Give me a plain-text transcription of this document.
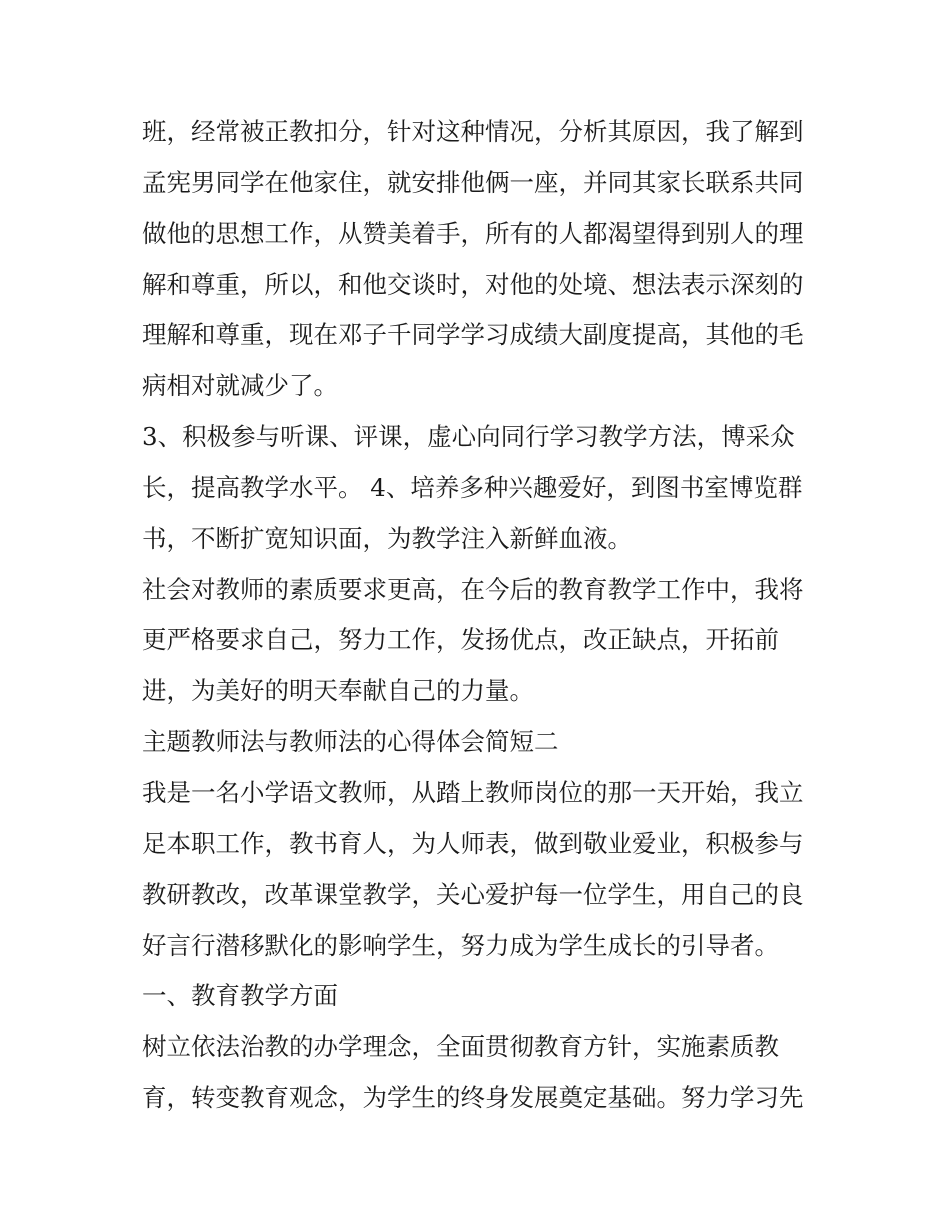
班，经常被正教扣分，针对这种情况，分析其原因，我了解到
孟宪男同学在他家住，就安排他俩一座，并同其家长联系共同
做他的思想工作，从赞美着手，所有的人都渴望得到别人的理
解和尊重，所以，和他交谈时，对他的处境、想法表示深刻的
理解和尊重，现在邓子千同学学习成绩大副度提高，其他的毛
病相对就减少了。
3、积极参与听课、评课，虚心向同行学习教学方法，博采众
长，提高教学水平。 4、培养多种兴趣爱好，到图书室博览群
书，不断扩宽知识面，为教学注入新鲜血液。
社会对教师的素质要求更高，在今后的教育教学工作中，我将
更严格要求自己，努力工作，发扬优点，改正缺点，开拓前
进，为美好的明天奉献自己的力量。
主题教师法与教师法的心得体会简短二
我是一名小学语文教师，从踏上教师岗位的那一天开始，我立
足本职工作，教书育人，为人师表，做到敬业爱业，积极参与
教研教改，改革课堂教学，关心爱护每一位学生，用自己的良
好言行潜移默化的影响学生，努力成为学生成长的引导者。
一、教育教学方面
树立依法治教的办学理念，全面贯彻教育方针，实施素质教
育，转变教育观念，为学生的终身发展奠定基础。努力学习先
